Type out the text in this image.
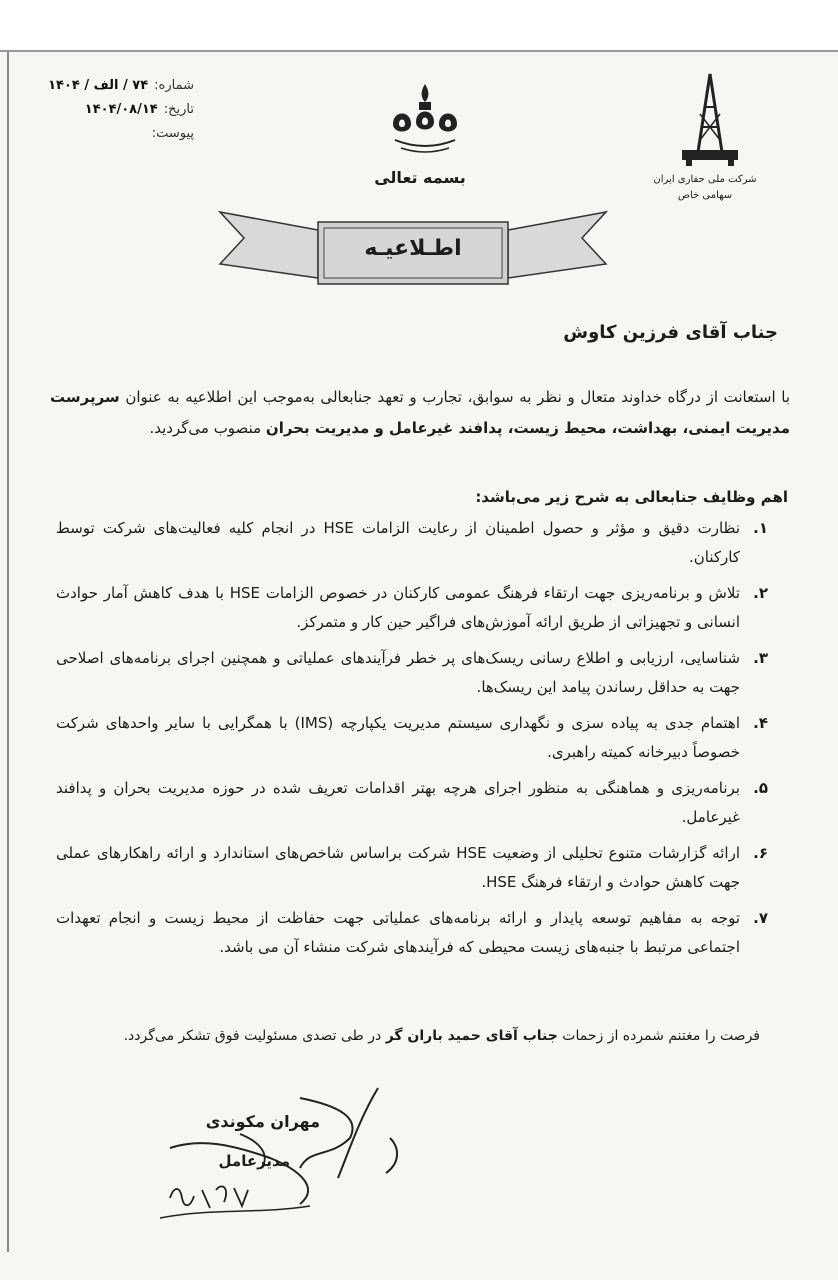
شماره:
۷۴ / الف / ۱۴۰۴
تاریخ:
۱۴۰۴/۰۸/۱۴
پیوست:
بسمه تعالی	شرکت ملی حفاری ایران
سهامی خاص
اطـلاعیـه
جناب آقای فرزین کاوش
با استعانت از درگاه خداوند متعال و نظر به سوابق، تجارب و تعهد جنابعالی به‌موجب این اطلاعیه به عنوان سرپرست مدیریت ایمنی، بهداشت، محیط زیست، پدافند غیرعامل و مدیریت بحران منصوب می‌گردید.
اهم وظایف جنابعالی به شرح زیر می‌باشد:
۱.
نظارت دقیق و مؤثر و حصول اطمینان از رعایت الزامات HSE در انجام کلیه فعالیت‌های شرکت توسط کارکنان.
۲.
تلاش و برنامه‌ریزی جهت ارتقاء فرهنگ عمومی کارکنان در خصوص الزامات HSE با هدف کاهش آمار حوادث انسانی و تجهیزاتی از طریق ارائه آموزش‌های فراگیر حین کار و متمرکز.
۳.
شناسایی، ارزیابی و اطلاع رسانی ریسک‌های پر خطر فرآیندهای عملیاتی و همچنین اجرای برنامه‌های اصلاحی جهت به حداقل رساندن پیامد این ریسک‌ها.
۴.
اهتمام جدی به پیاده سزی و نگهداری سیستم مدیریت یکپارچه (IMS) با همگرایی با سایر واحدهای شرکت خصوصاً دبیرخانه کمیته راهبری.
۵.
برنامه‌ریزی و هماهنگی به منظور اجرای هرچه بهتر اقدامات تعریف شده در حوزه مدیریت بحران و پدافند غیرعامل.
۶.
ارائه گزارشات متنوع تحلیلی از وضعیت HSE شرکت براساس شاخص‌های استاندارد و ارائه راهکارهای عملی جهت کاهش حوادث و ارتقاء فرهنگ HSE.
۷.
توجه به مفاهیم توسعه پایدار و ارائه برنامه‌های عملیاتی جهت حفاظت از محیط زیست و انجام تعهدات اجتماعی مرتبط با جنبه‌های زیست محیطی که فرآیندهای شرکت منشاء آن می باشد.
فرصت را مغتنم شمرده از زحمات جناب آقای حمید باران گر در طی تصدی مسئولیت فوق تشکر می‌گردد.
مهران مکوندی
مدیرعامل
